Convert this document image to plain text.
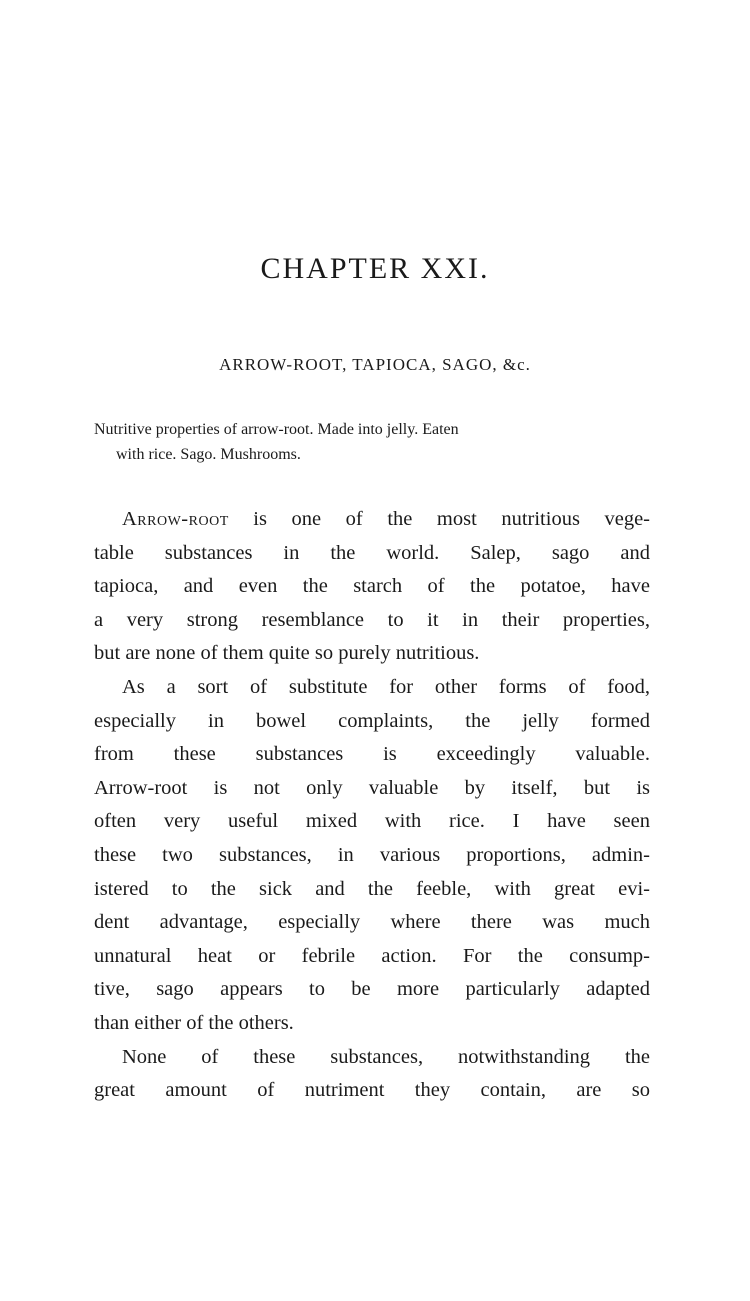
CHAPTER XXI.

ARROW-ROOT, TAPIOCA, SAGO, &c.

Nutritive properties of arrow-root. Made into jelly. Eaten
with rice. Sago. Mushrooms.

Arrow-root is one of the most nutritious vege-
table substances in the world. Salep, sago and
tapioca, and even the starch of the potatoe, have
a very strong resemblance to it in their properties,
but are none of them quite so purely nutritious.
As a sort of substitute for other forms of food,
especially in bowel complaints, the jelly formed
from these substances is exceedingly valuable.
Arrow-root is not only valuable by itself, but is
often very useful mixed with rice. I have seen
these two substances, in various proportions, admin-
istered to the sick and the feeble, with great evi-
dent advantage, especially where there was much
unnatural heat or febrile action. For the consump-
tive, sago appears to be more particularly adapted
than either of the others.
None of these substances, notwithstanding the
great amount of nutriment they contain, are so
